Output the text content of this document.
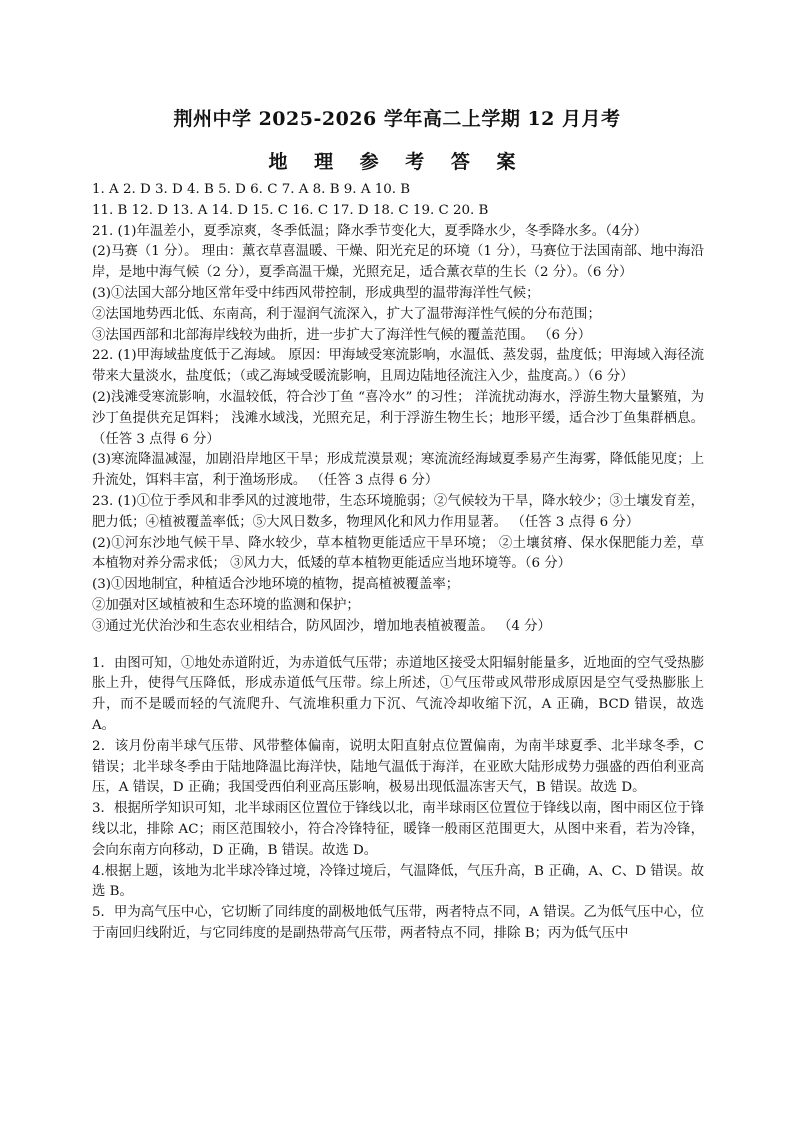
荆州中学 2025-2026 学年高二上学期 12 月月考
地 理 参 考 答 案

1. A 2. D 3. D 4. B 5. D 6. C 7. A 8. B 9. A 10. B

11. B 12. D 13. A 14. D 15. C 16. C 17. D 18. C 19. C 20. B

21. (1)年温差小，夏季凉爽，冬季低温；降水季节变化大，夏季降水少，冬季降水多。（4分）

(2)马赛（1 分）。 理由：薰衣草喜温暖、干燥、阳光充足的环境（1 分），马赛位于法国南部、地中海沿岸，是地中海气候（2 分），夏季高温干燥，光照充足，适合薰衣草的生长（2 分）。（6 分）

(3)①法国大部分地区常年受中纬西风带控制，形成典型的温带海洋性气候；

②法国地势西北低、东南高，利于湿润气流深入，扩大了温带海洋性气候的分布范围；

③法国西部和北部海岸线较为曲折，进一步扩大了海洋性气候的覆盖范围。 （6 分）

22. (1)甲海域盐度低于乙海域。 原因：甲海域受寒流影响，水温低、蒸发弱，盐度低；甲海域入海径流带来大量淡水，盐度低；（或乙海域受暖流影响，且周边陆地径流注入少，盐度高。）（6 分）

(2)浅滩受寒流影响，水温较低，符合沙丁鱼 “喜冷水” 的习性； 洋流扰动海水，浮游生物大量繁殖，为沙丁鱼提供充足饵料； 浅滩水域浅，光照充足，利于浮游生物生长；地形平缓，适合沙丁鱼集群栖息。 （任答 3 点得 6 分）

(3)寒流降温减湿，加剧沿岸地区干旱；形成荒漠景观；寒流流经海域夏季易产生海雾，降低能见度；上升流处，饵料丰富，利于渔场形成。 （任答 3 点得 6 分）

23. (1)①位于季风和非季风的过渡地带，生态环境脆弱；②气候较为干旱，降水较少；③土壤发育差，肥力低；④植被覆盖率低；⑤大风日数多，物理风化和风力作用显著。 （任答 3 点得 6 分）

(2)①河东沙地气候干旱、降水较少，草本植物更能适应干旱环境； ②土壤贫瘠、保水保肥能力差，草本植物对养分需求低； ③风力大，低矮的草本植物更能适应当地环境等。（6 分）

(3)①因地制宜，种植适合沙地环境的植物，提高植被覆盖率；

②加强对区域植被和生态环境的监测和保护；

③通过光伏治沙和生态农业相结合，防风固沙，增加地表植被覆盖。 （4 分）

1．由图可知，①地处赤道附近，为赤道低气压带；赤道地区接受太阳辐射能量多，近地面的空气受热膨胀上升，使得气压降低，形成赤道低气压带。综上所述，①气压带或风带形成原因是空气受热膨胀上升，而不是暖而轻的气流爬升、气流堆积重力下沉、气流冷却收缩下沉，A 正确，BCD 错误，故选 A。

2．该月份南半球气压带、风带整体偏南，说明太阳直射点位置偏南，为南半球夏季、北半球冬季，C 错误；北半球冬季由于陆地降温比海洋快，陆地气温低于海洋，在亚欧大陆形成势力强盛的西伯利亚高压，A 错误，D 正确；我国受西伯利亚高压影响，极易出现低温冻害天气，B 错误。故选 D。

3．根据所学知识可知，北半球雨区位置位于锋线以北，南半球雨区位置位于锋线以南，图中雨区位于锋线以北，排除 AC；雨区范围较小，符合冷锋特征，暖锋一般雨区范围更大，从图中来看，若为冷锋，会向东南方向移动，D 正确，B 错误。故选 D。

4.根据上题，该地为北半球冷锋过境，冷锋过境后，气温降低，气压升高，B 正确，A、C、D 错误。故选 B。

5．甲为高气压中心，它切断了同纬度的副极地低气压带，两者特点不同，A 错误。乙为低气压中心，位于南回归线附近，与它同纬度的是副热带高气压带，两者特点不同，排除 B；丙为低气压中
